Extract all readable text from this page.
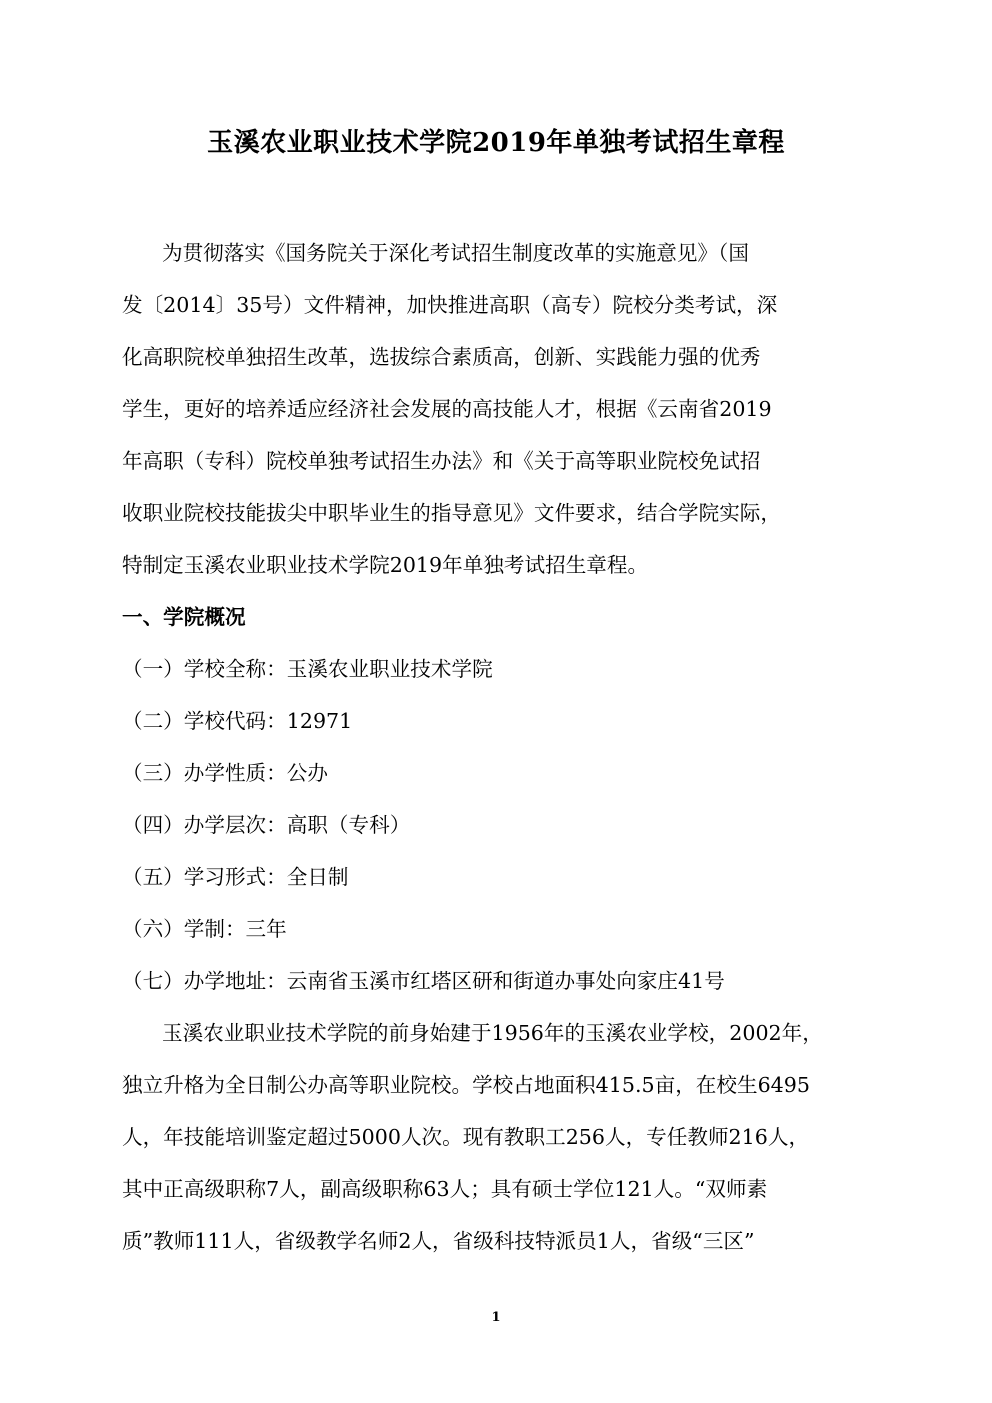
玉溪农业职业技术学院2019年单独考试招生章程

为贯彻落实《国务院关于深化考试招生制度改革的实施意见》（国

发〔2014〕35号）文件精神，加快推进高职（高专）院校分类考试，深

化高职院校单独招生改革，选拔综合素质高，创新、实践能力强的优秀

学生，更好的培养适应经济社会发展的高技能人才，根据《云南省2019

年高职（专科）院校单独考试招生办法》和《关于高等职业院校免试招

收职业院校技能拔尖中职毕业生的指导意见》文件要求，结合学院实际，

特制定玉溪农业职业技术学院2019年单独考试招生章程。

一、学院概况

（一）学校全称：玉溪农业职业技术学院

（二）学校代码：12971

（三）办学性质：公办

（四）办学层次：高职（专科）

（五）学习形式：全日制

（六）学制：三年

（七）办学地址：云南省玉溪市红塔区研和街道办事处向家庄41号

玉溪农业职业技术学院的前身始建于1956年的玉溪农业学校，2002年，

独立升格为全日制公办高等职业院校。学校占地面积415.5亩，在校生6495

人，年技能培训鉴定超过5000人次。现有教职工256人，专任教师216人，

其中正高级职称7人，副高级职称63人；具有硕士学位121人。“双师素

质”教师111人，省级教学名师2人，省级科技特派员1人，省级“三区”

1
